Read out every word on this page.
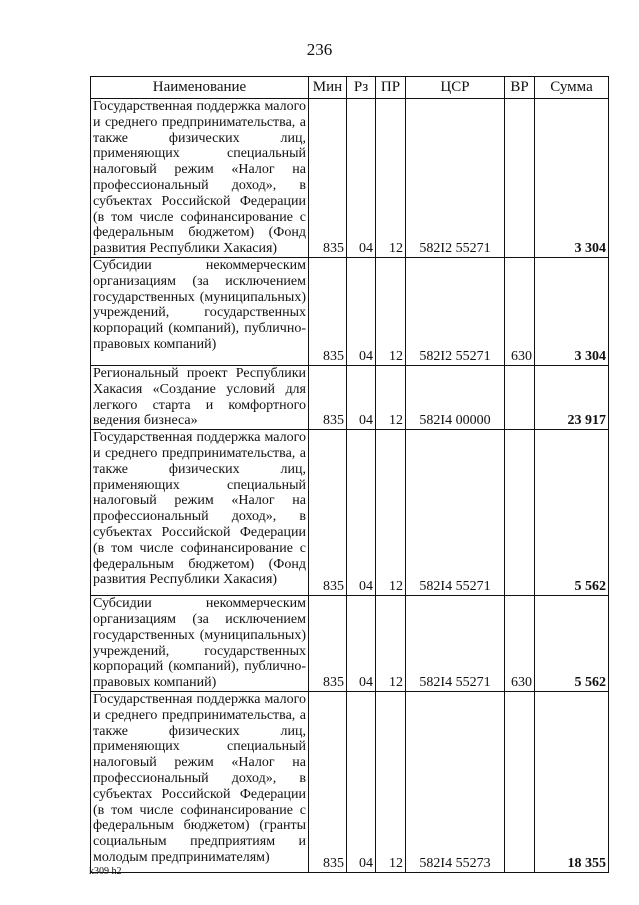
236
Наименование	Мин	Рз	ПР	ЦСР	ВР	Сумма
Государственная поддержка малого и среднего предпринимательства, а также физических лиц, применяющих специальный налоговый режим «Налог на профессиональный доход», в субъектах Российской Федерации (в том числе софинансирование с федеральным бюджетом) (Фонд развития Республики Хакасия)	835	04	12	582I2 55271		3 304
Субсидии некоммерческим организациям (за исключением государственных (муниципальных) учреждений, государственных корпораций (компаний), публично-правовых компаний)	835	04	12	582I2 55271	630	3 304
Региональный проект Республики Хакасия «Создание условий для легкого старта и комфортного ведения бизнеса»	835	04	12	582I4 00000		23 917
Государственная поддержка малого и среднего предпринимательства, а также физических лиц, применяющих специальный налоговый режим «Налог на профессиональный доход», в субъектах Российской Федерации (в том числе софинансирование с федеральным бюджетом) (Фонд развития Республики Хакасия)	835	04	12	582I4 55271		5 562
Субсидии некоммерческим организациям (за исключением государственных (муниципальных) учреждений, государственных корпораций (компаний), публично-правовых компаний)	835	04	12	582I4 55271	630	5 562
Государственная поддержка малого и среднего предпринимательства, а также физических лиц, применяющих специальный налоговый режим «Налог на профессиональный доход», в субъектах Российской Федерации (в том числе софинансирование с федеральным бюджетом) (гранты социальным предприятиям и молодым предпринимателям)	835	04	12	582I4 55273		18 355
k309 h2
